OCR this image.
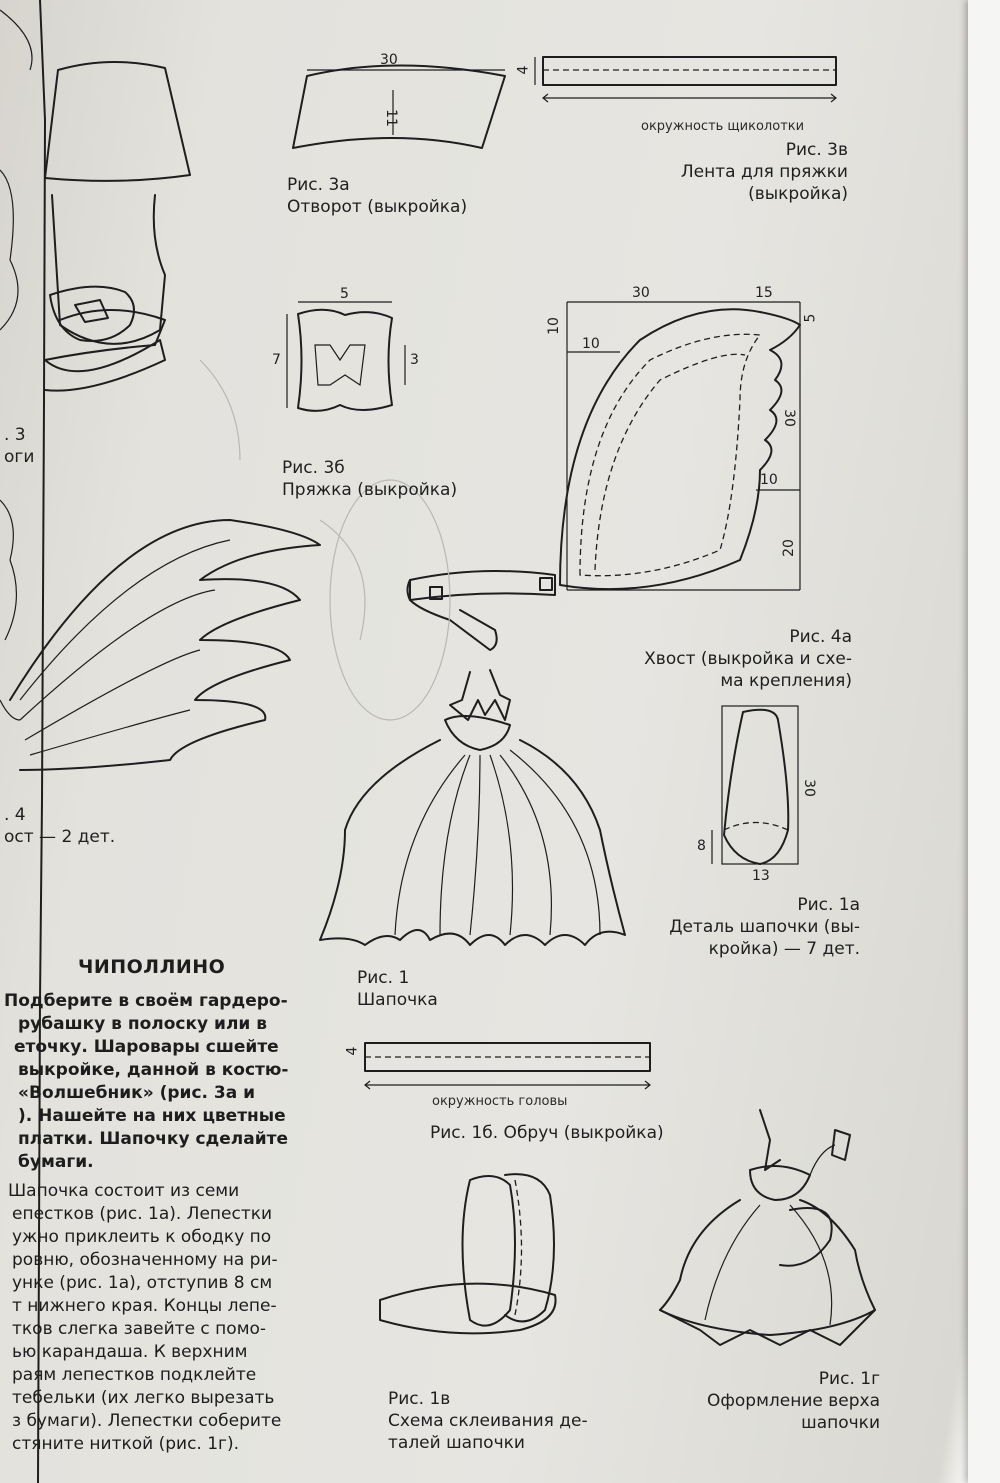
30
11
4
5
7	3
30	15
10
10
5
30
10
20
30
8
13
4
. 3
оги
. 4
ост — 2 дет.
Рис. 3а
Отворот (выкройка)
окружность щиколотки
Рис. 3в
Лента для пряжки
(выкройка)
Рис. 3б
Пряжка (выкройка)
Рис. 4а
Хвост (выкройка и схе-
ма крепления)
Рис. 1
Шапочка
Рис. 1а
Деталь шапочки (вы-
кройка) — 7 дет.
окружность головы
Рис. 1б. Обруч (выкройка)
Рис. 1в
Схема склеивания де-
талей шапочки
Рис. 1г
Оформление верха
шапочки
ЧИПОЛЛИНО
Подберите в своём гардеро-
рубашку в полоску или в
еточку. Шаровары сшейте
выкройке, данной в костю-
«Волшебник» (рис. 3а и
). Нашейте на них цветные
платки. Шапочку сделайте
бумаги.
Шапочка состоит из семи
епестков (рис. 1а). Лепестки
ужно приклеить к ободку по
ровню, обозначенному на ри-
унке (рис. 1а), отступив 8 см
т нижнего края. Концы лепе-
тков слегка завейте с помо-
ью карандаша. К верхним
раям лепестков подклейте
тебельки (их легко вырезать
з бумаги). Лепестки соберите
стяните ниткой (рис. 1г).
